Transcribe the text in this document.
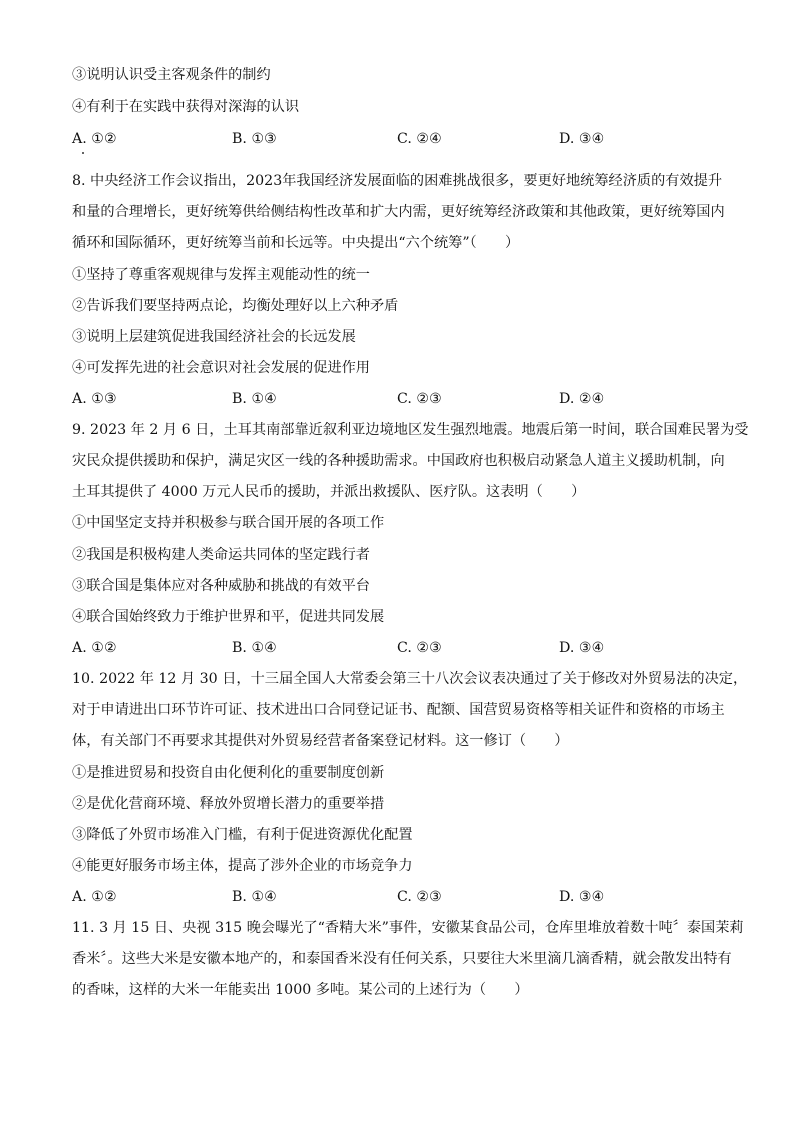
③说明认识受主客观条件的制约
④有利于在实践中获得对深海的认识
A. ①②	B. ①③	C. ②④	D. ③④
8. 中央经济工作会议指出，2023年我国经济发展面临的困难挑战很多，要更好地统筹经济质的有效提升
和量的合理增长，更好统筹供给侧结构性改革和扩大内需，更好统筹经济政策和其他政策，更好统筹国内
循环和国际循环，更好统筹当前和长远等。中央提出“六个统筹”（　　）
①坚持了尊重客观规律与发挥主观能动性的统一
②告诉我们要坚持两点论，均衡处理好以上六种矛盾
③说明上层建筑促进我国经济社会的长远发展
④可发挥先进的社会意识对社会发展的促进作用
A. ①③	B. ①④	C. ②③	D. ②④
9. 2023 年 2 月 6 日，土耳其南部靠近叙利亚边境地区发生强烈地震。地震后第一时间，联合国难民署为受
灾民众提供援助和保护，满足灾区一线的各种援助需求。中国政府也积极启动紧急人道主义援助机制，向
土耳其提供了 4000 万元人民币的援助，并派出救援队、医疗队。这表明（　　）
①中国坚定支持并积极参与联合国开展的各项工作
②我国是积极构建人类命运共同体的坚定践行者
③联合国是集体应对各种威胁和挑战的有效平台
④联合国始终致力于维护世界和平，促进共同发展
A. ①②	B. ①④	C. ②③	D. ③④
10. 2022 年 12 月 30 日，十三届全国人大常委会第三十八次会议表决通过了关于修改对外贸易法的决定，
对于申请进出口环节许可证、技术进出口合同登记证书、配额、国营贸易资格等相关证件和资格的市场主
体，有关部门不再要求其提供对外贸易经营者备案登记材料。这一修订（　　）
①是推进贸易和投资自由化便利化的重要制度创新
②是优化营商环境、释放外贸增长潜力的重要举措
③降低了外贸市场准入门槛，有利于促进资源优化配置
④能更好服务市场主体，提高了涉外企业的市场竞争力
A. ①②	B. ①④	C. ②③	D. ③④
11. 3 月 15 日、央视 315 晚会曝光了“香精大米”事件，安徽某食品公司，仓库里堆放着数十吨〞泰国茉莉
香米〞。这些大米是安徽本地产的，和泰国香米没有任何关系，只要往大米里滴几滴香精，就会散发出特有
的香味，这样的大米一年能卖出 1000 多吨。某公司的上述行为（　　）
